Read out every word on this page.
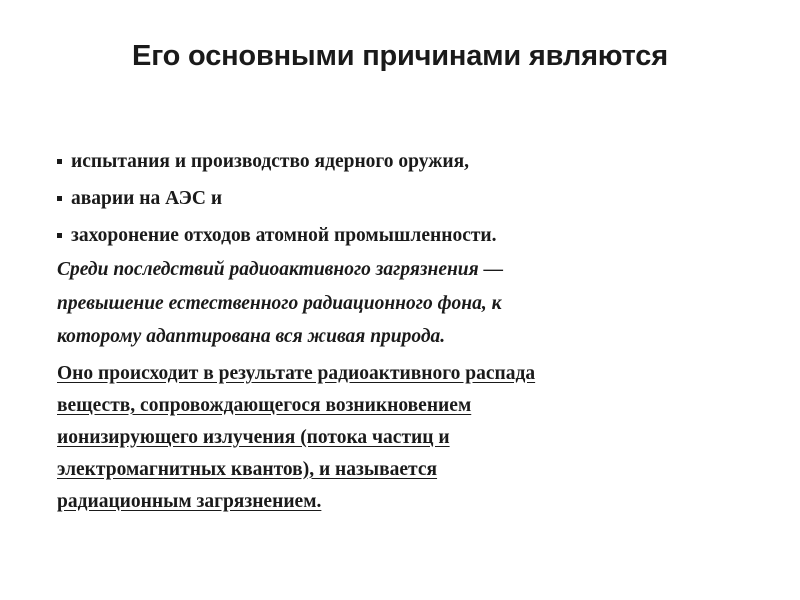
Его основными причинами являются
испытания и производство ядерного оружия,
аварии на АЭС и
захоронение отходов атомной промышленности.
Среди последствий радиоактивного загрязнения —
превышение естественного радиационного фона, к
которому адаптирована вся живая природа.
Оно происходит в результате радиоактивного распада
веществ, сопровождающегося возникновением
ионизирующего излучения (потока частиц и
электромагнитных квантов), и называется
радиационным загрязнением.
